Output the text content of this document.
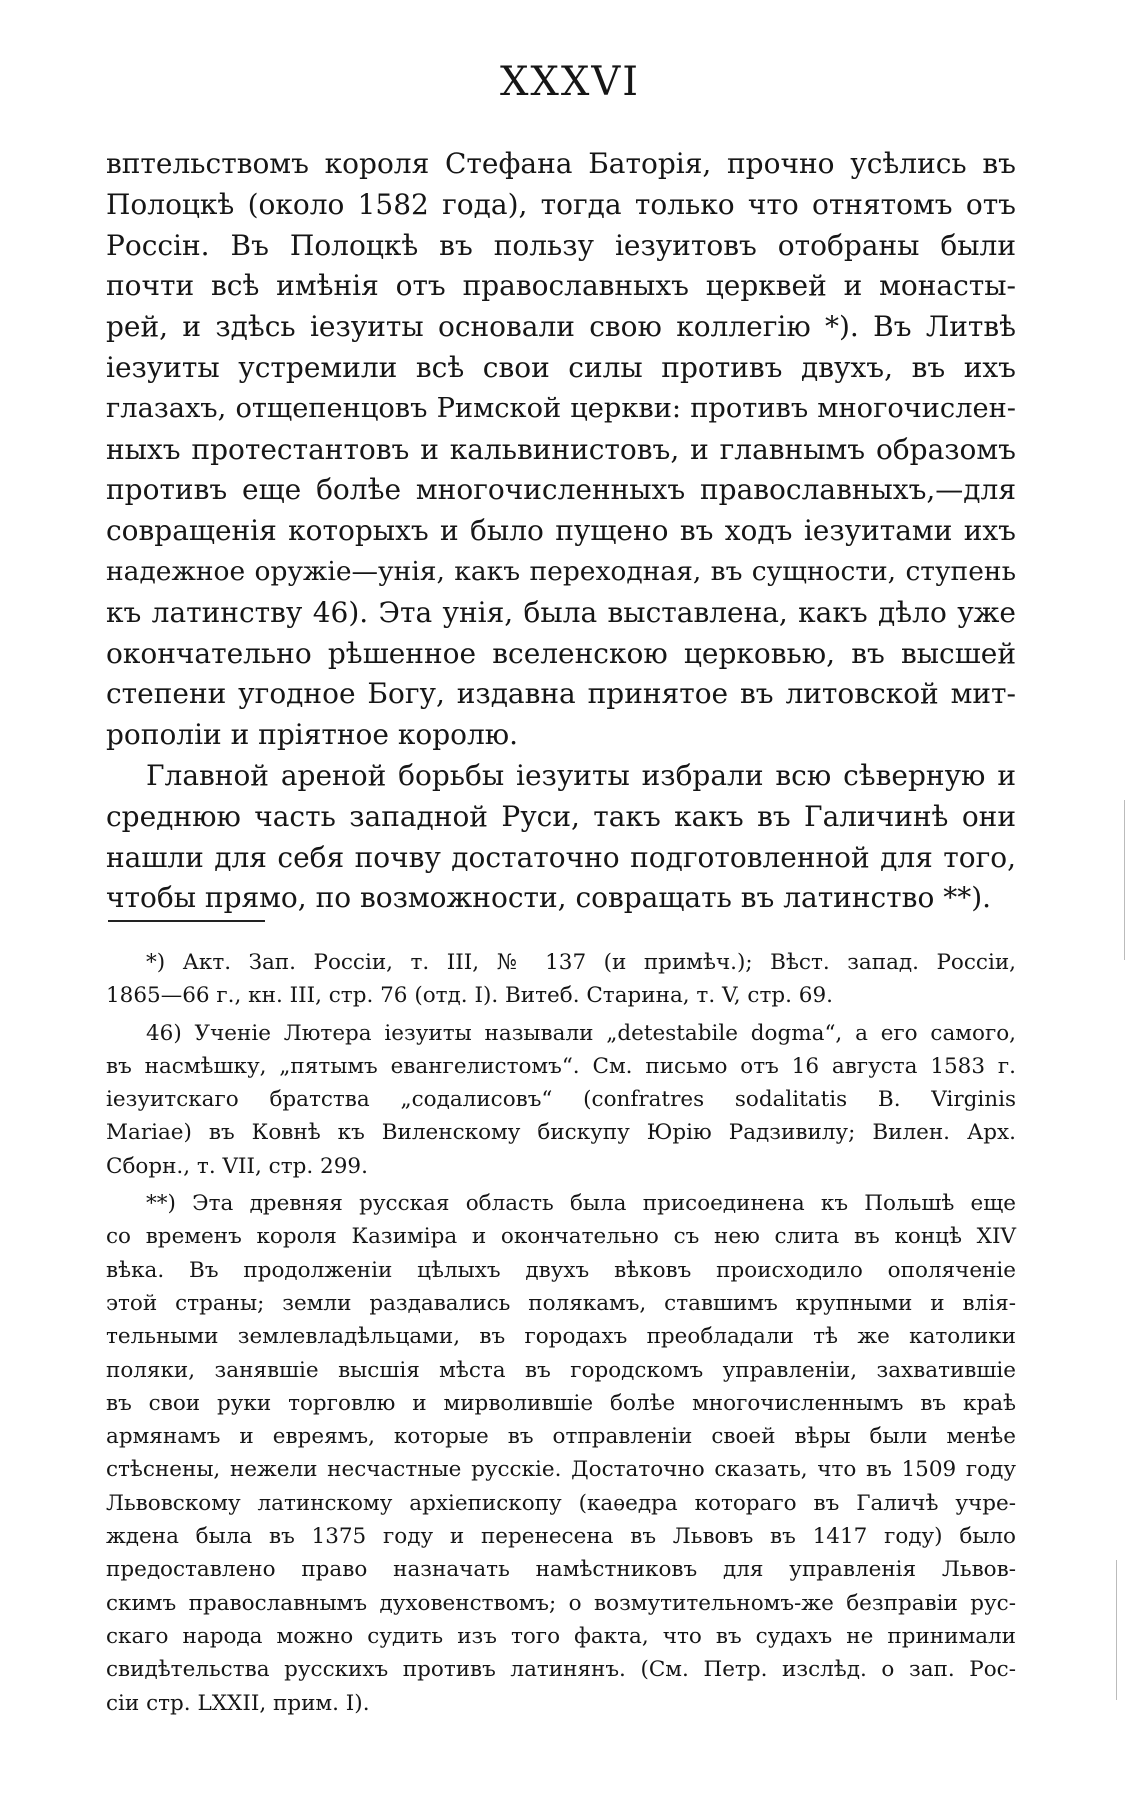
XXXVI
вптельствомъ короля Стефана Баторія, прочно усѣлись въ
Полоцкѣ (около 1582 года), тогда только что отнятомъ отъ
Россін. Въ Полоцкѣ въ пользу іезуитовъ отобраны были
почти всѣ имѣнія отъ православныхъ церквей и монасты-
рей, и здѣсь іезуиты основали свою коллегію *). Въ Литвѣ
іезуиты устремили всѣ свои силы противъ двухъ, въ ихъ
глазахъ, отщепенцовъ Римской церкви: противъ многочислен-
ныхъ протестантовъ и кальвинистовъ, и главнымъ образомъ
противъ еще болѣе многочисленныхъ православныхъ,—для
совращенія которыхъ и было пущено въ ходъ іезуитами ихъ
надежное оружіе—унія, какъ переходная, въ сущности, ступень
къ латинству 46). Эта унія, была выставлена, какъ дѣло уже
окончательно рѣшенное вселенскою церковью, въ высшей
степени угодное Богу, издавна принятое въ литовской мит-
рополіи и пріятное королю.
Главной ареной борьбы іезуиты избрали всю сѣверную и
среднюю часть западной Руси, такъ какъ въ Галичинѣ они
нашли для себя почву достаточно подготовленной для того,
чтобы прямо, по возможности, совращать въ латинство **).
*) Акт. Зап. Россіи, т. III, № 137 (и примѣч.); Вѣст. запад. Россіи,
1865—66 г., кн. III, стр. 76 (отд. I). Витеб. Старина, т. V, стр. 69.
46) Ученіе Лютера іезуиты называли „detestabile dogma“, а его самого,
въ насмѣшку, „пятымъ евангелистомъ“. См. письмо отъ 16 августа 1583 г.
іезуитскаго братства „содалисовъ“ (confratres sodalitatis B. Virginis
Mariae) въ Ковнѣ къ Виленскому бискупу Юрію Радзивилу; Вилен. Арх.
Сборн., т. VII, стр. 299.
**) Эта древняя русская область была присоединена къ Польшѣ еще
со временъ короля Казиміра и окончательно съ нею слита въ концѣ XIV
вѣка. Въ продолженіи цѣлыхъ двухъ вѣковъ происходило ополяченіе
этой страны; земли раздавались полякамъ, ставшимъ крупными и влія-
тельными землевладѣльцами, въ городахъ преобладали тѣ же католики
поляки, занявшіе высшія мѣста въ городскомъ управленіи, захватившіе
въ свои руки торговлю и мирволившіе болѣе многочисленнымъ въ краѣ
армянамъ и евреямъ, которые въ отправленіи своей вѣры были менѣе
стѣснены, нежели несчастные русскіе. Достаточно сказать, что въ 1509 году
Львовскому латинскому архіепископу (каѳедра котораго въ Галичѣ учре-
ждена была въ 1375 году и перенесена въ Львовъ въ 1417 году) было
предоставлено право назначать намѣстниковъ для управленія Львов-
скимъ православнымъ духовенствомъ; о возмутительномъ-же безправіи рус-
скаго народа можно судить изъ того факта, что въ судахъ не принимали
свидѣтельства русскихъ противъ латинянъ. (См. Петр. изслѣд. о зап. Рос-
сіи стр. LXXII, прим. I).
